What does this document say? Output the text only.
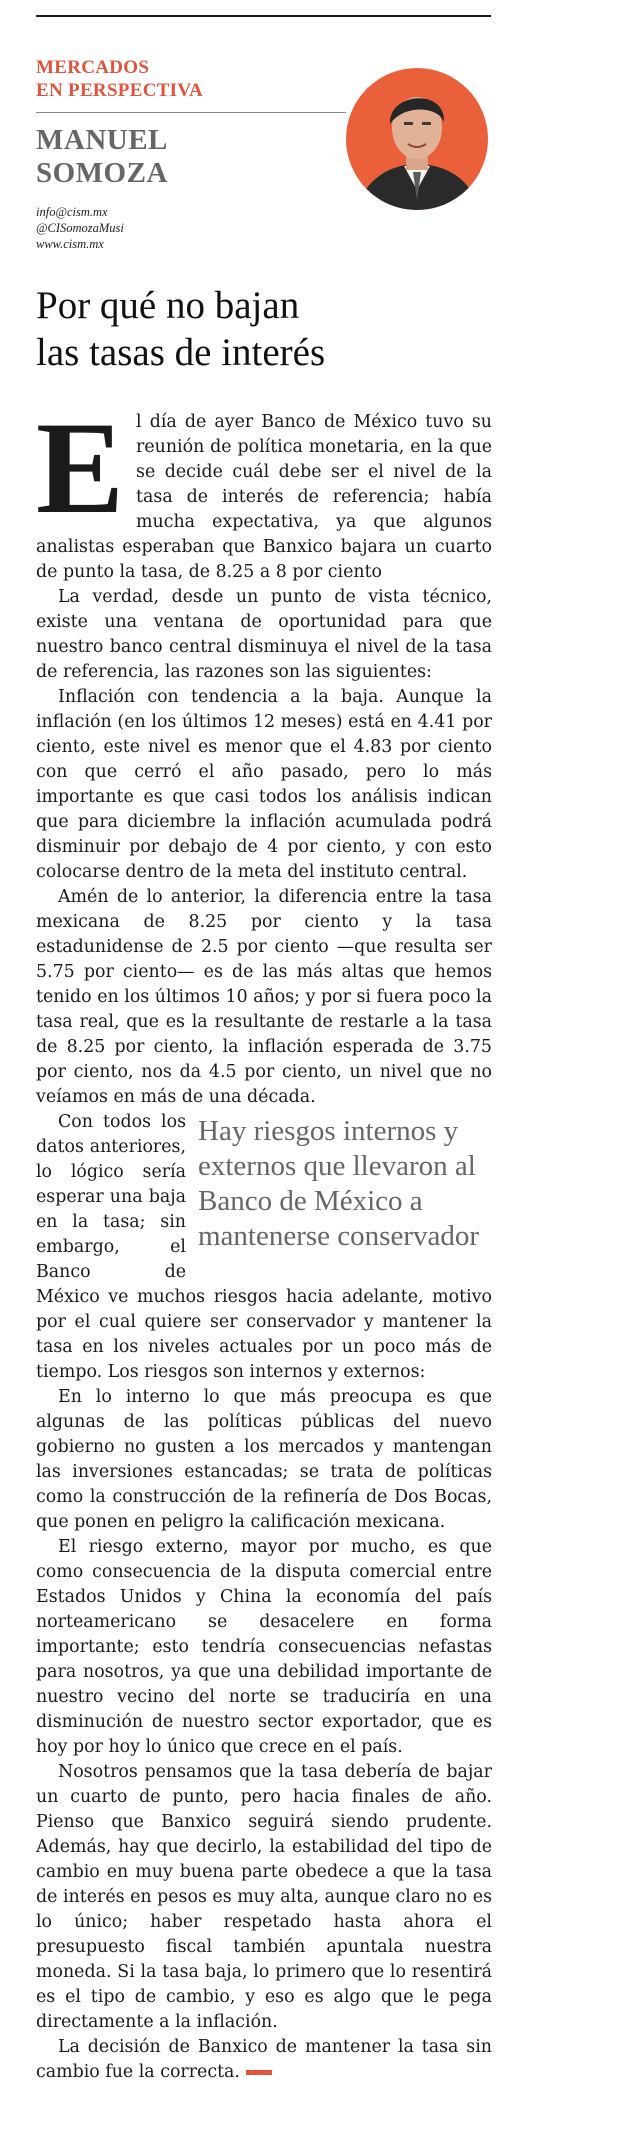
MERCADOS
EN PERSPECTIVA
MANUEL
SOMOZA
info@cism.mx
@CISomozaMusi
www.cism.mx
Por qué no bajan
las tasas de interés

El día de ayer Banco de México tuvo su reunión de política monetaria, en la que se decide cuál debe ser el nivel de la tasa de interés de referencia; había mucha expectativa, ya que algunos analistas esperaban que Banxico bajara un cuarto de punto la tasa, de 8.25 a 8 por ciento

La verdad, desde un punto de vista técnico, existe una ventana de oportunidad para que nuestro banco central disminuya el nivel de la tasa de referencia, las razones son las siguientes:

Inflación con tendencia a la baja. Aunque la inflación (en los últimos 12 meses) está en 4.41 por ciento, este nivel es menor que el 4.83 por ciento con que cerró el año pasado, pero lo más importante es que casi todos los análisis indican que para diciembre la inflación acumulada podrá disminuir por debajo de 4 por ciento, y con esto colocarse dentro de la meta del instituto central.

Amén de lo anterior, la diferencia entre la tasa mexicana de 8.25 por ciento y la tasa estadunidense de 2.5 por ciento —que resulta ser 5.75 por ciento— es de las más altas que hemos tenido en los últimos 10 años; y por si fuera poco la tasa real, que es la resultante de restarle a la tasa de 8.25 por ciento, la inflación esperada de 3.75 por ciento, nos da 4.5 por ciento, un nivel que no veíamos en más de una década.

Hay riesgos internos y externos que llevaron al Banco de México a mantenerse conservador

Con todos los datos anteriores, lo lógico sería esperar una baja en la tasa; sin embargo, el Banco de México ve muchos riesgos hacia adelante, motivo por el cual quiere ser conservador y mantener la tasa en los niveles actuales por un poco más de tiempo. Los riesgos son internos y externos:

En lo interno lo que más preocupa es que algunas de las políticas públicas del nuevo gobierno no gusten a los mercados y mantengan las inversiones estancadas; se trata de políticas como la construcción de la refinería de Dos Bocas, que ponen en peligro la calificación mexicana.

El riesgo externo, mayor por mucho, es que como consecuencia de la disputa comercial entre Estados Unidos y China la economía del país norteamericano se desacelere en forma importante; esto tendría consecuencias nefastas para nosotros, ya que una debilidad importante de nuestro vecino del norte se traduciría en una disminución de nuestro sector exportador, que es hoy por hoy lo único que crece en el país.

Nosotros pensamos que la tasa debería de bajar un cuarto de punto, pero hacia finales de año. Pienso que Banxico seguirá siendo prudente. Además, hay que decirlo, la estabilidad del tipo de cambio en muy buena parte obedece a que la tasa de interés en pesos es muy alta, aunque claro no es lo único; haber respetado hasta ahora el presupuesto fiscal también apuntala nuestra moneda. Si la tasa baja, lo primero que lo resentirá es el tipo de cambio, y eso es algo que le pega directamente a la inflación.

La decisión de Banxico de mantener la tasa sin cambio fue la correcta.
